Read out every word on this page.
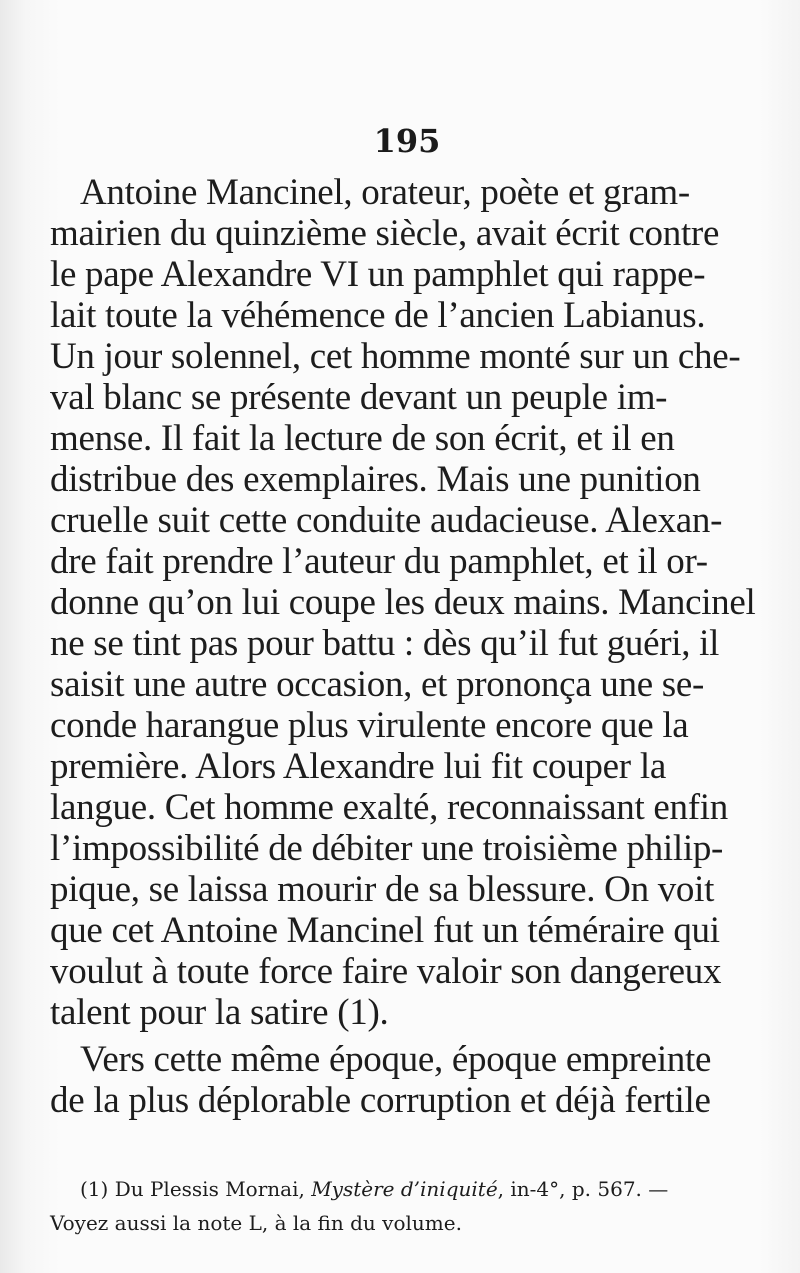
195
Antoine Mancinel, orateur, poète et gram-
mairien du quinzième siècle, avait écrit contre
le pape Alexandre VI un pamphlet qui rappe-
lait toute la véhémence de l’ancien Labianus.
Un jour solennel, cet homme monté sur un che-
val blanc se présente devant un peuple im-
mense. Il fait la lecture de son écrit, et il en
distribue des exemplaires. Mais une punition
cruelle suit cette conduite audacieuse. Alexan-
dre fait prendre l’auteur du pamphlet, et il or-
donne qu’on lui coupe les deux mains. Mancinel
ne se tint pas pour battu : dès qu’il fut guéri, il
saisit une autre occasion, et prononça une se-
conde harangue plus virulente encore que la
première. Alors Alexandre lui fit couper la
langue. Cet homme exalté, reconnaissant enfin
l’impossibilité de débiter une troisième philip-
pique, se laissa mourir de sa blessure. On voit
que cet Antoine Mancinel fut un téméraire qui
voulut à toute force faire valoir son dangereux
talent pour la satire (1).
Vers cette même époque, époque empreinte
de la plus déplorable corruption et déjà fertile
(1) Du Plessis Mornai, Mystère d’iniquité, in-4°, p. 567. —
Voyez aussi la note L, à la fin du volume.
